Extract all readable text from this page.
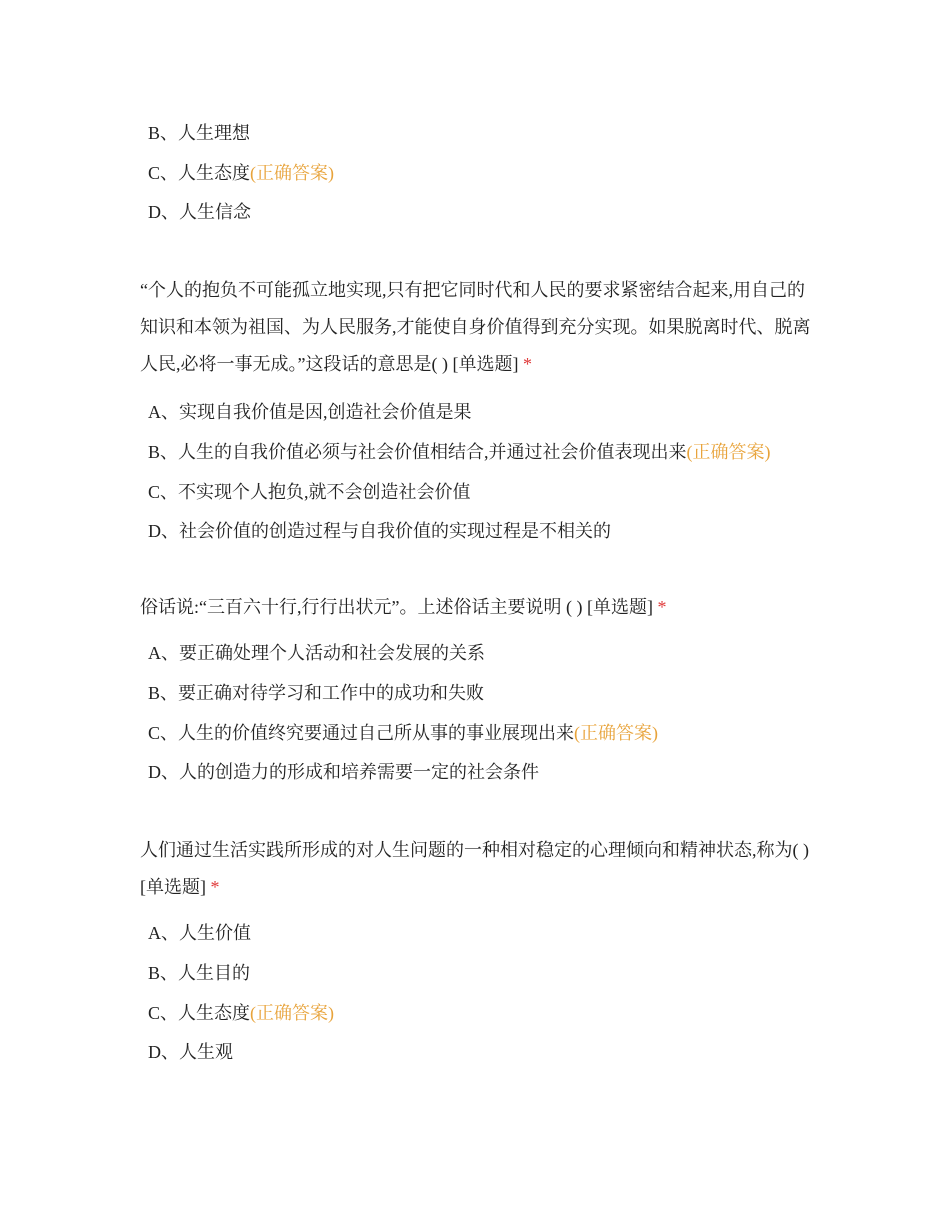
B、人生理想
C、人生态度(正确答案)
D、人生信念
“个人的抱负不可能孤立地实现,只有把它同时代和人民的要求紧密结合起来,用自己的知识和本领为祖国、为人民服务,才能使自身价值得到充分实现。如果脱离时代、脱离人民,必将一事无成。”这段话的意思是( ) [单选题] *
A、实现自我价值是因,创造社会价值是果
B、人生的自我价值必须与社会价值相结合,并通过社会价值表现出来(正确答案)
C、不实现个人抱负,就不会创造社会价值
D、社会价值的创造过程与自我价值的实现过程是不相关的
俗话说:“三百六十行,行行出状元”。上述俗话主要说明 ( ) [单选题] *
A、要正确处理个人活动和社会发展的关系
B、要正确对待学习和工作中的成功和失败
C、人生的价值终究要通过自己所从事的事业展现出来(正确答案)
D、人的创造力的形成和培养需要一定的社会条件
人们通过生活实践所形成的对人生问题的一种相对稳定的心理倾向和精神状态,称为( ) [单选题] *
A、人生价值
B、人生目的
C、人生态度(正确答案)
D、人生观
